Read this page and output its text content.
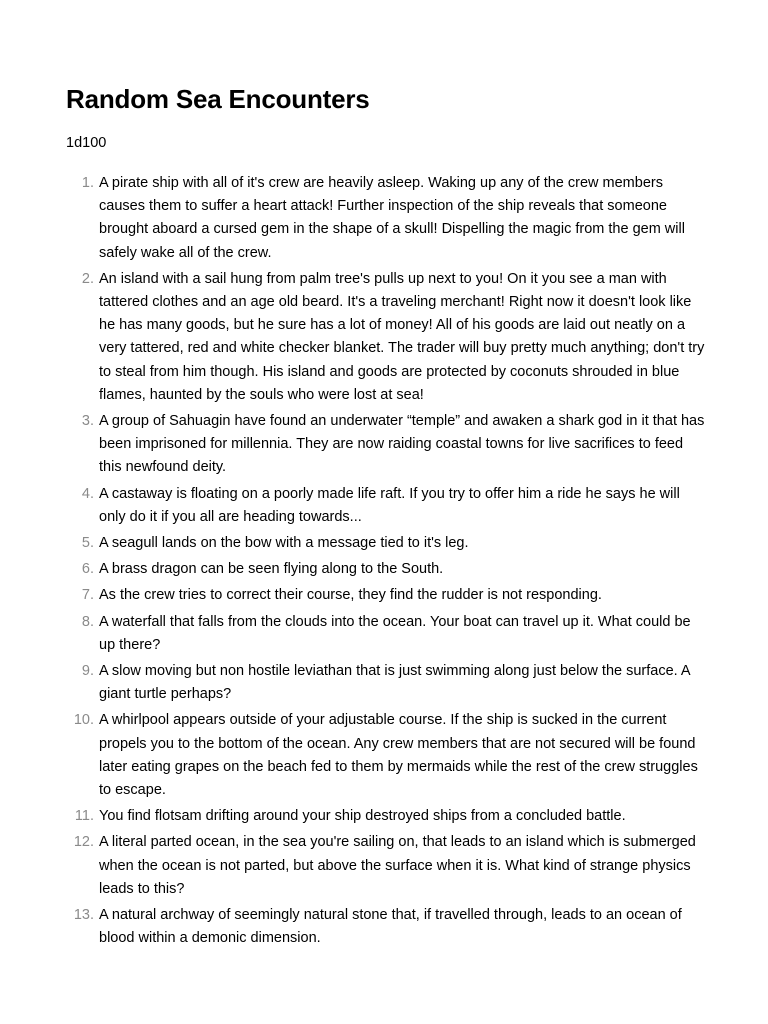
Random Sea Encounters

1d100

1. A pirate ship with all of it's crew are heavily asleep. Waking up any of the crew members causes them to suffer a heart attack! Further inspection of the ship reveals that someone brought aboard a cursed gem in the shape of a skull! Dispelling the magic from the gem will safely wake all of the crew.
2. An island with a sail hung from palm tree's pulls up next to you! On it you see a man with tattered clothes and an age old beard. It's a traveling merchant! Right now it doesn't look like he has many goods, but he sure has a lot of money! All of his goods are laid out neatly on a very tattered, red and white checker blanket. The trader will buy pretty much anything; don't try to steal from him though. His island and goods are protected by coconuts shrouded in blue flames, haunted by the souls who were lost at sea!
3. A group of Sahuagin have found an underwater “temple” and awaken a shark god in it that has been imprisoned for millennia. They are now raiding coastal towns for live sacrifices to feed this newfound deity.
4. A castaway is floating on a poorly made life raft. If you try to offer him a ride he says he will only do it if you all are heading towards...
5. A seagull lands on the bow with a message tied to it's leg.
6. A brass dragon can be seen flying along to the South.
7. As the crew tries to correct their course, they find the rudder is not responding.
8. A waterfall that falls from the clouds into the ocean. Your boat can travel up it. What could be up there?
9. A slow moving but non hostile leviathan that is just swimming along just below the surface. A giant turtle perhaps?
10. A whirlpool appears outside of your adjustable course. If the ship is sucked in the current propels you to the bottom of the ocean. Any crew members that are not secured will be found later eating grapes on the beach fed to them by mermaids while the rest of the crew struggles to escape.
11. You find flotsam drifting around your ship destroyed ships from a concluded battle.
12. A literal parted ocean, in the sea you're sailing on, that leads to an island which is submerged when the ocean is not parted, but above the surface when it is. What kind of strange physics leads to this?
13. A natural archway of seemingly natural stone that, if travelled through, leads to an ocean of blood within a demonic dimension.
